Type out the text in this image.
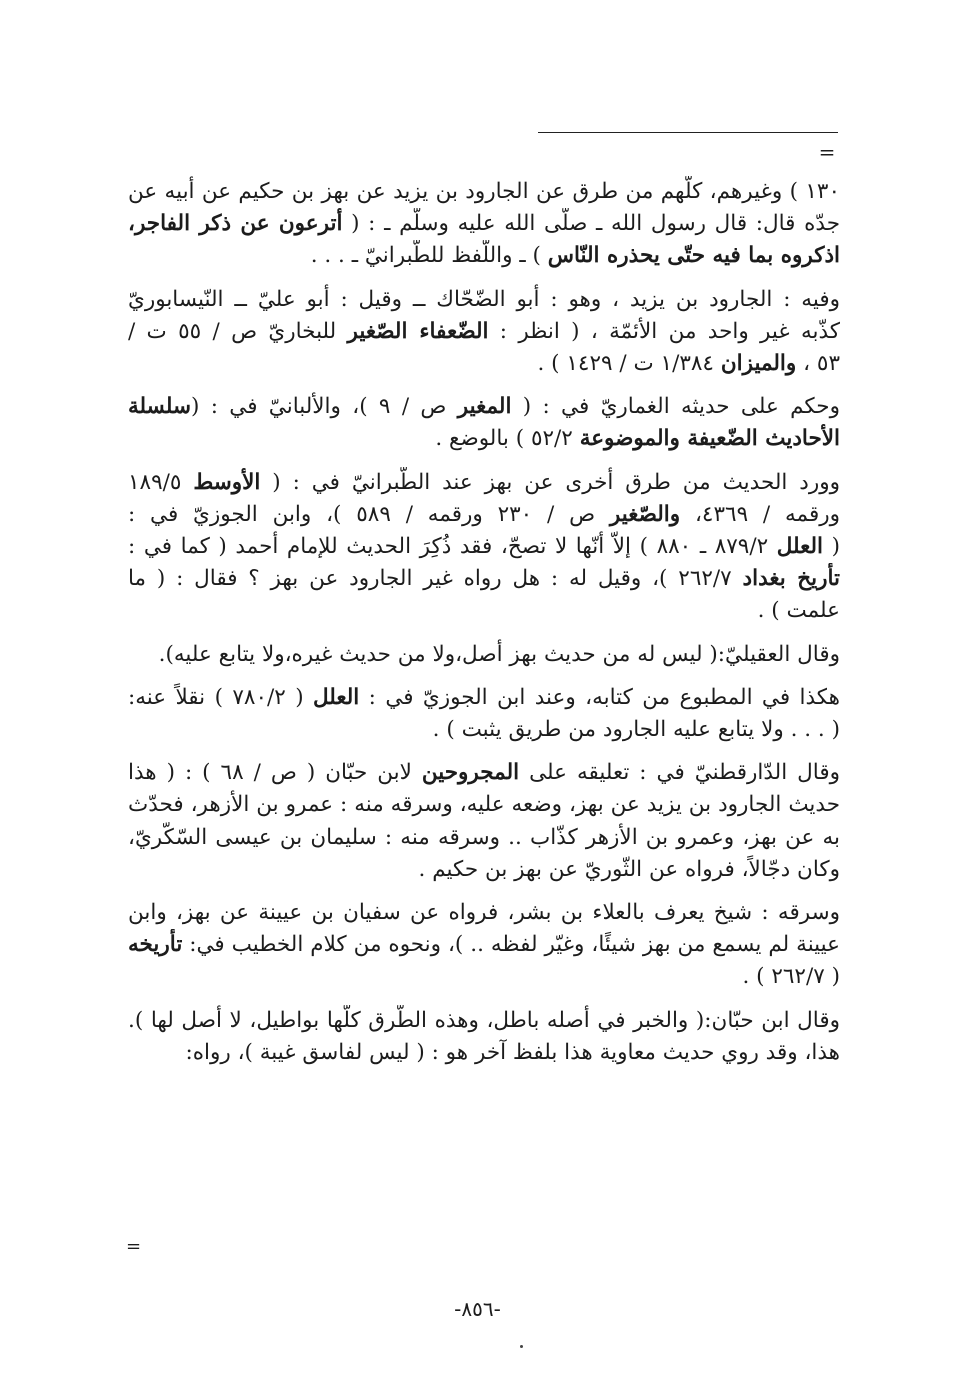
=
١٣٠ ) وغيرهم، كلّهم من طرق عن الجارود بن يزيد عن بهز بن حكيم عن أبيه عن
جدّه قال: قال رسول الله ـ صلّى الله عليه وسلّم ـ : ( أترعون عن ذكر الفاجر،
اذكروه بما فيه حتّى يحذره النّاس ) ـ واللّفظ للطّبرانيّ ـ . . .
وفيه : الجارود بن يزيد ، وهو : أبو الضّحّاك ــ وقيل : أبو عليّ ــ النّيسابوريّ
كذّبه غير واحد من الأئمّة ، ( انظر : الضّعفاء الصّغير للبخاريّ ص / ٥٥ ت /
٥٣ ، والميزان ١/٣٨٤ ت / ١٤٢٩ ) .
وحكم على حديثه الغماريّ في : ( المغير ص / ٩ )، والألبانيّ في : (سلسلة
الأحاديث الضّعيفة والموضوعة ٥٢/٢ ) بالوضع .
وورد الحديث من طرق أخرى عن بهز عند الطّبرانيّ في : ( الأوسط ١٨٩/٥
ورقمه / ٤٣٦٩، والصّغير ص / ٢٣٠ ورقمه / ٥٨٩ )، وابن الجوزيّ في :
( العلل ٨٧٩/٢ ـ ٨٨٠ ) إلاّ أنّها لا تصحّ، فقد ذُكِرَ الحديث للإمام أحمد ( كما في :
تأريخ بغداد ٢٦٢/٧ )، وقيل له : هل رواه غير الجارود عن بهز ؟ فقال : ( ما
علمت ) .
وقال العقيليّ:( ليس له من حديث بهز أصل،ولا من حديث غيره،ولا يتابع عليه).
هكذا في المطبوع من كتابه، وعند ابن الجوزيّ في : العلل ( ٧٨٠/٢ ) نقلاً عنه:
( . . . ولا يتابع عليه الجارود من طريق يثبت ) .
وقال الدّارقطنيّ في : تعليقه على المجروحين لابن حبّان ( ص / ٦٨ ) : ( هذا
حديث الجارود بن يزيد عن بهز، وضعه عليه، وسرقه منه : عمرو بن الأزهر، فحدّث
به عن بهز، وعمرو بن الأزهر كذّاب .. وسرقه منه : سليمان بن عيسى السّكّريّ،
وكان دجّالاً، فرواه عن الثّوريّ عن بهز بن حكيم .
وسرقه : شيخ يعرف بالعلاء بن بشر، فرواه عن سفيان بن عيينة عن بهز، وابن
عيينة لم يسمع من بهز شيئًا، وغيّر لفظه .. )، ونحوه من كلام الخطيب في: تأريخه
( ٢٦٢/٧ ) .
وقال ابن حبّان:( والخبر في أصله باطل، وهذه الطّرق كلّها بواطيل، لا أصل لها ).
هذا، وقد روي حديث معاوية هذا بلفظ آخر هو : ( ليس لفاسق غيبة )، رواه:
=
-٨٥٦-
